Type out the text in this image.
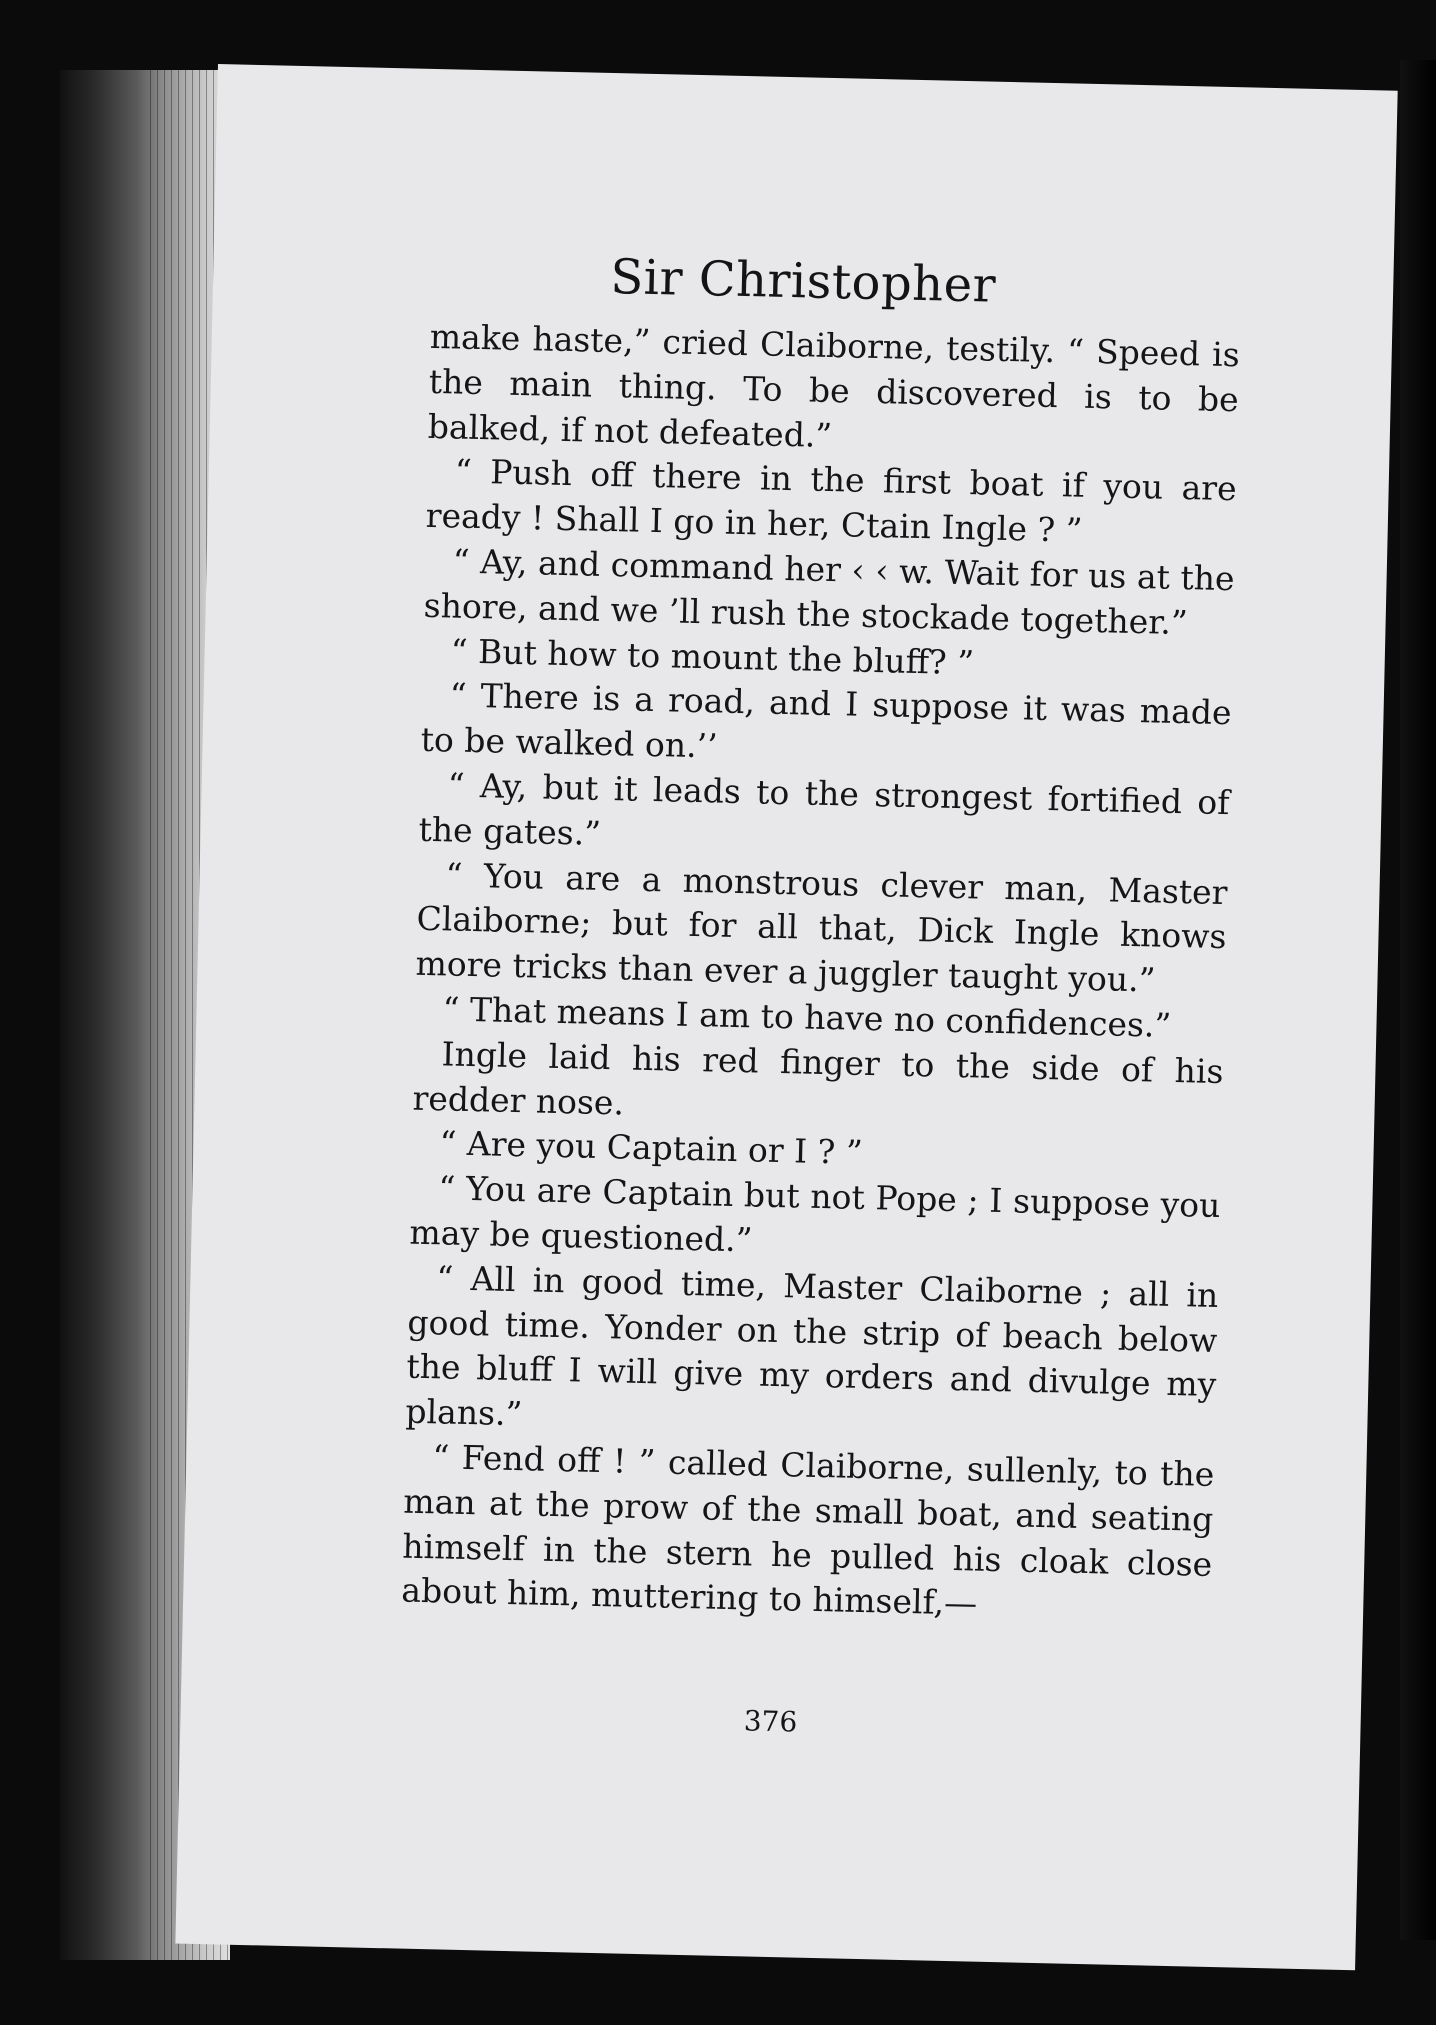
Sir Christopher

make haste,” cried Claiborne, testily. “ Speed is the main thing. To be discovered is to be balked, if not defeated.”

“ Push off there in the first boat if you are ready ! Shall I go in her, Ctain Ingle ? ”

“ Ay, and command her ‹ ‹ w. Wait for us at the shore, and we ’ll rush the stockade together.”

“ But how to mount the bluff? ”

“ There is a road, and I suppose it was made to be walked on.’’

“ Ay, but it leads to the strongest fortified of the gates.”

“ You are a monstrous clever man, Master Claiborne; but for all that, Dick Ingle knows more tricks than ever a juggler taught you.”

“ That means I am to have no confidences.”

Ingle laid his red finger to the side of his redder nose.

“ Are you Captain or I ? ”

“ You are Captain but not Pope ; I suppose you may be questioned.”

“ All in good time, Master Claiborne ; all in good time. Yonder on the strip of beach below the bluff I will give my orders and divulge my plans.”

“ Fend off ! ” called Claiborne, sullenly, to the man at the prow of the small boat, and seating himself in the stern he pulled his cloak close about him, muttering to himself,—

376
